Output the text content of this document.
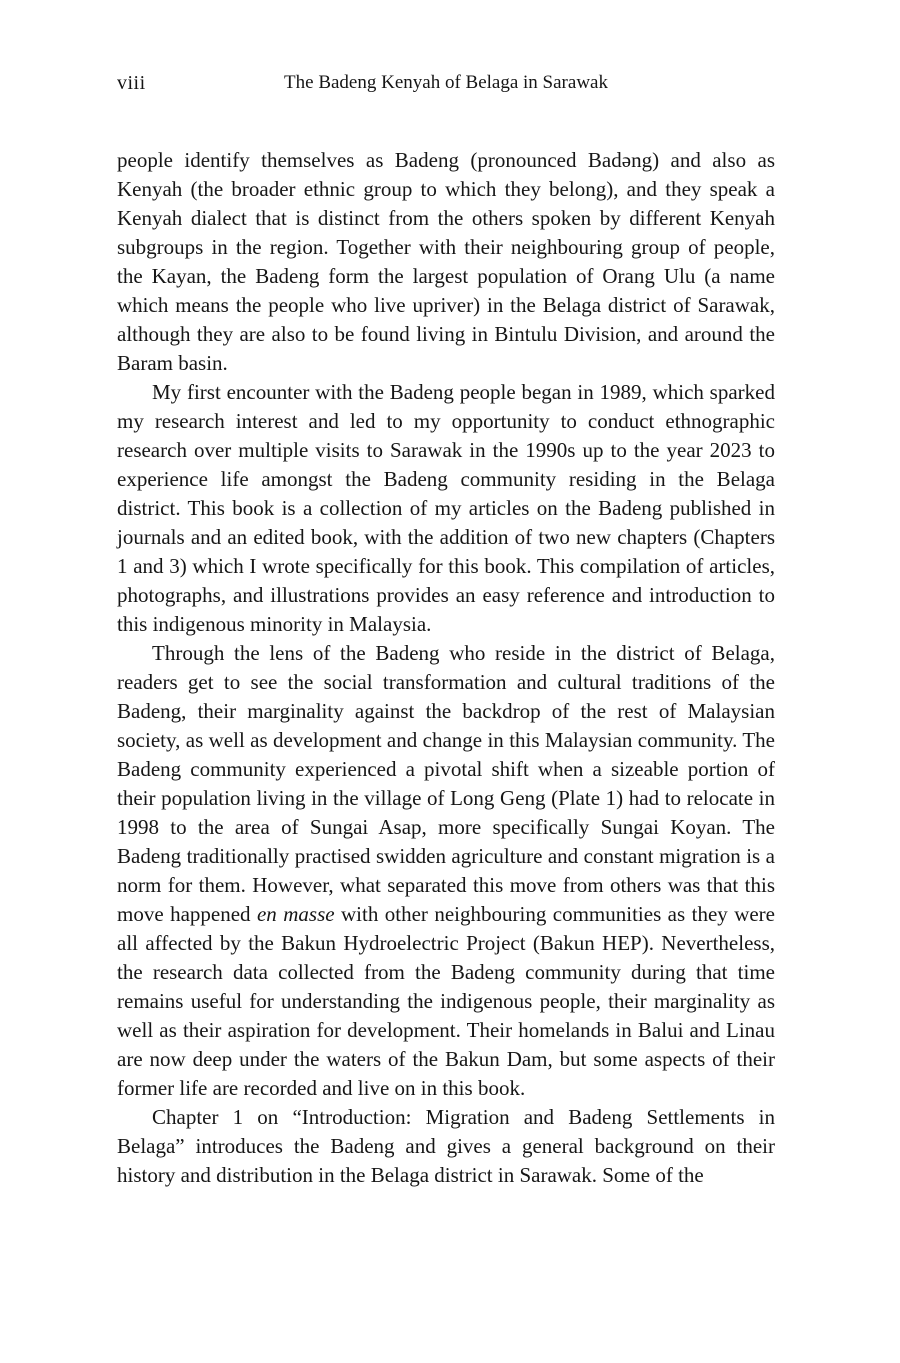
viii	The Badeng Kenyah of Belaga in Sarawak

people identify themselves as Badeng (pronounced Badəng) and also as Kenyah (the broader ethnic group to which they belong), and they speak a Kenyah dialect that is distinct from the others spoken by different Kenyah subgroups in the region. Together with their neighbouring group of people, the Kayan, the Badeng form the largest population of Orang Ulu (a name which means the people who live upriver) in the Belaga district of Sarawak, although they are also to be found living in Bintulu Division, and around the Baram basin.

My first encounter with the Badeng people began in 1989, which sparked my research interest and led to my opportunity to conduct ethnographic research over multiple visits to Sarawak in the 1990s up to the year 2023 to experience life amongst the Badeng community residing in the Belaga district. This book is a collection of my articles on the Badeng published in journals and an edited book, with the addition of two new chapters (Chapters 1 and 3) which I wrote specifically for this book. This compilation of articles, photographs, and illustrations provides an easy reference and introduction to this indigenous minority in Malaysia.

Through the lens of the Badeng who reside in the district of Belaga, readers get to see the social transformation and cultural traditions of the Badeng, their marginality against the backdrop of the rest of Malaysian society, as well as development and change in this Malaysian community. The Badeng community experienced a pivotal shift when a sizeable portion of their population living in the village of Long Geng (Plate 1) had to relocate in 1998 to the area of Sungai Asap, more specifically Sungai Koyan. The Badeng traditionally practised swidden agriculture and constant migration is a norm for them. However, what separated this move from others was that this move happened en masse with other neighbouring communities as they were all affected by the Bakun Hydroelectric Project (Bakun HEP). Nevertheless, the research data collected from the Badeng community during that time remains useful for understanding the indigenous people, their marginality as well as their aspiration for development. Their homelands in Balui and Linau are now deep under the waters of the Bakun Dam, but some aspects of their former life are recorded and live on in this book.

Chapter 1 on “Introduction: Migration and Badeng Settlements in Belaga” introduces the Badeng and gives a general background on their history and distribution in the Belaga district in Sarawak. Some of the
